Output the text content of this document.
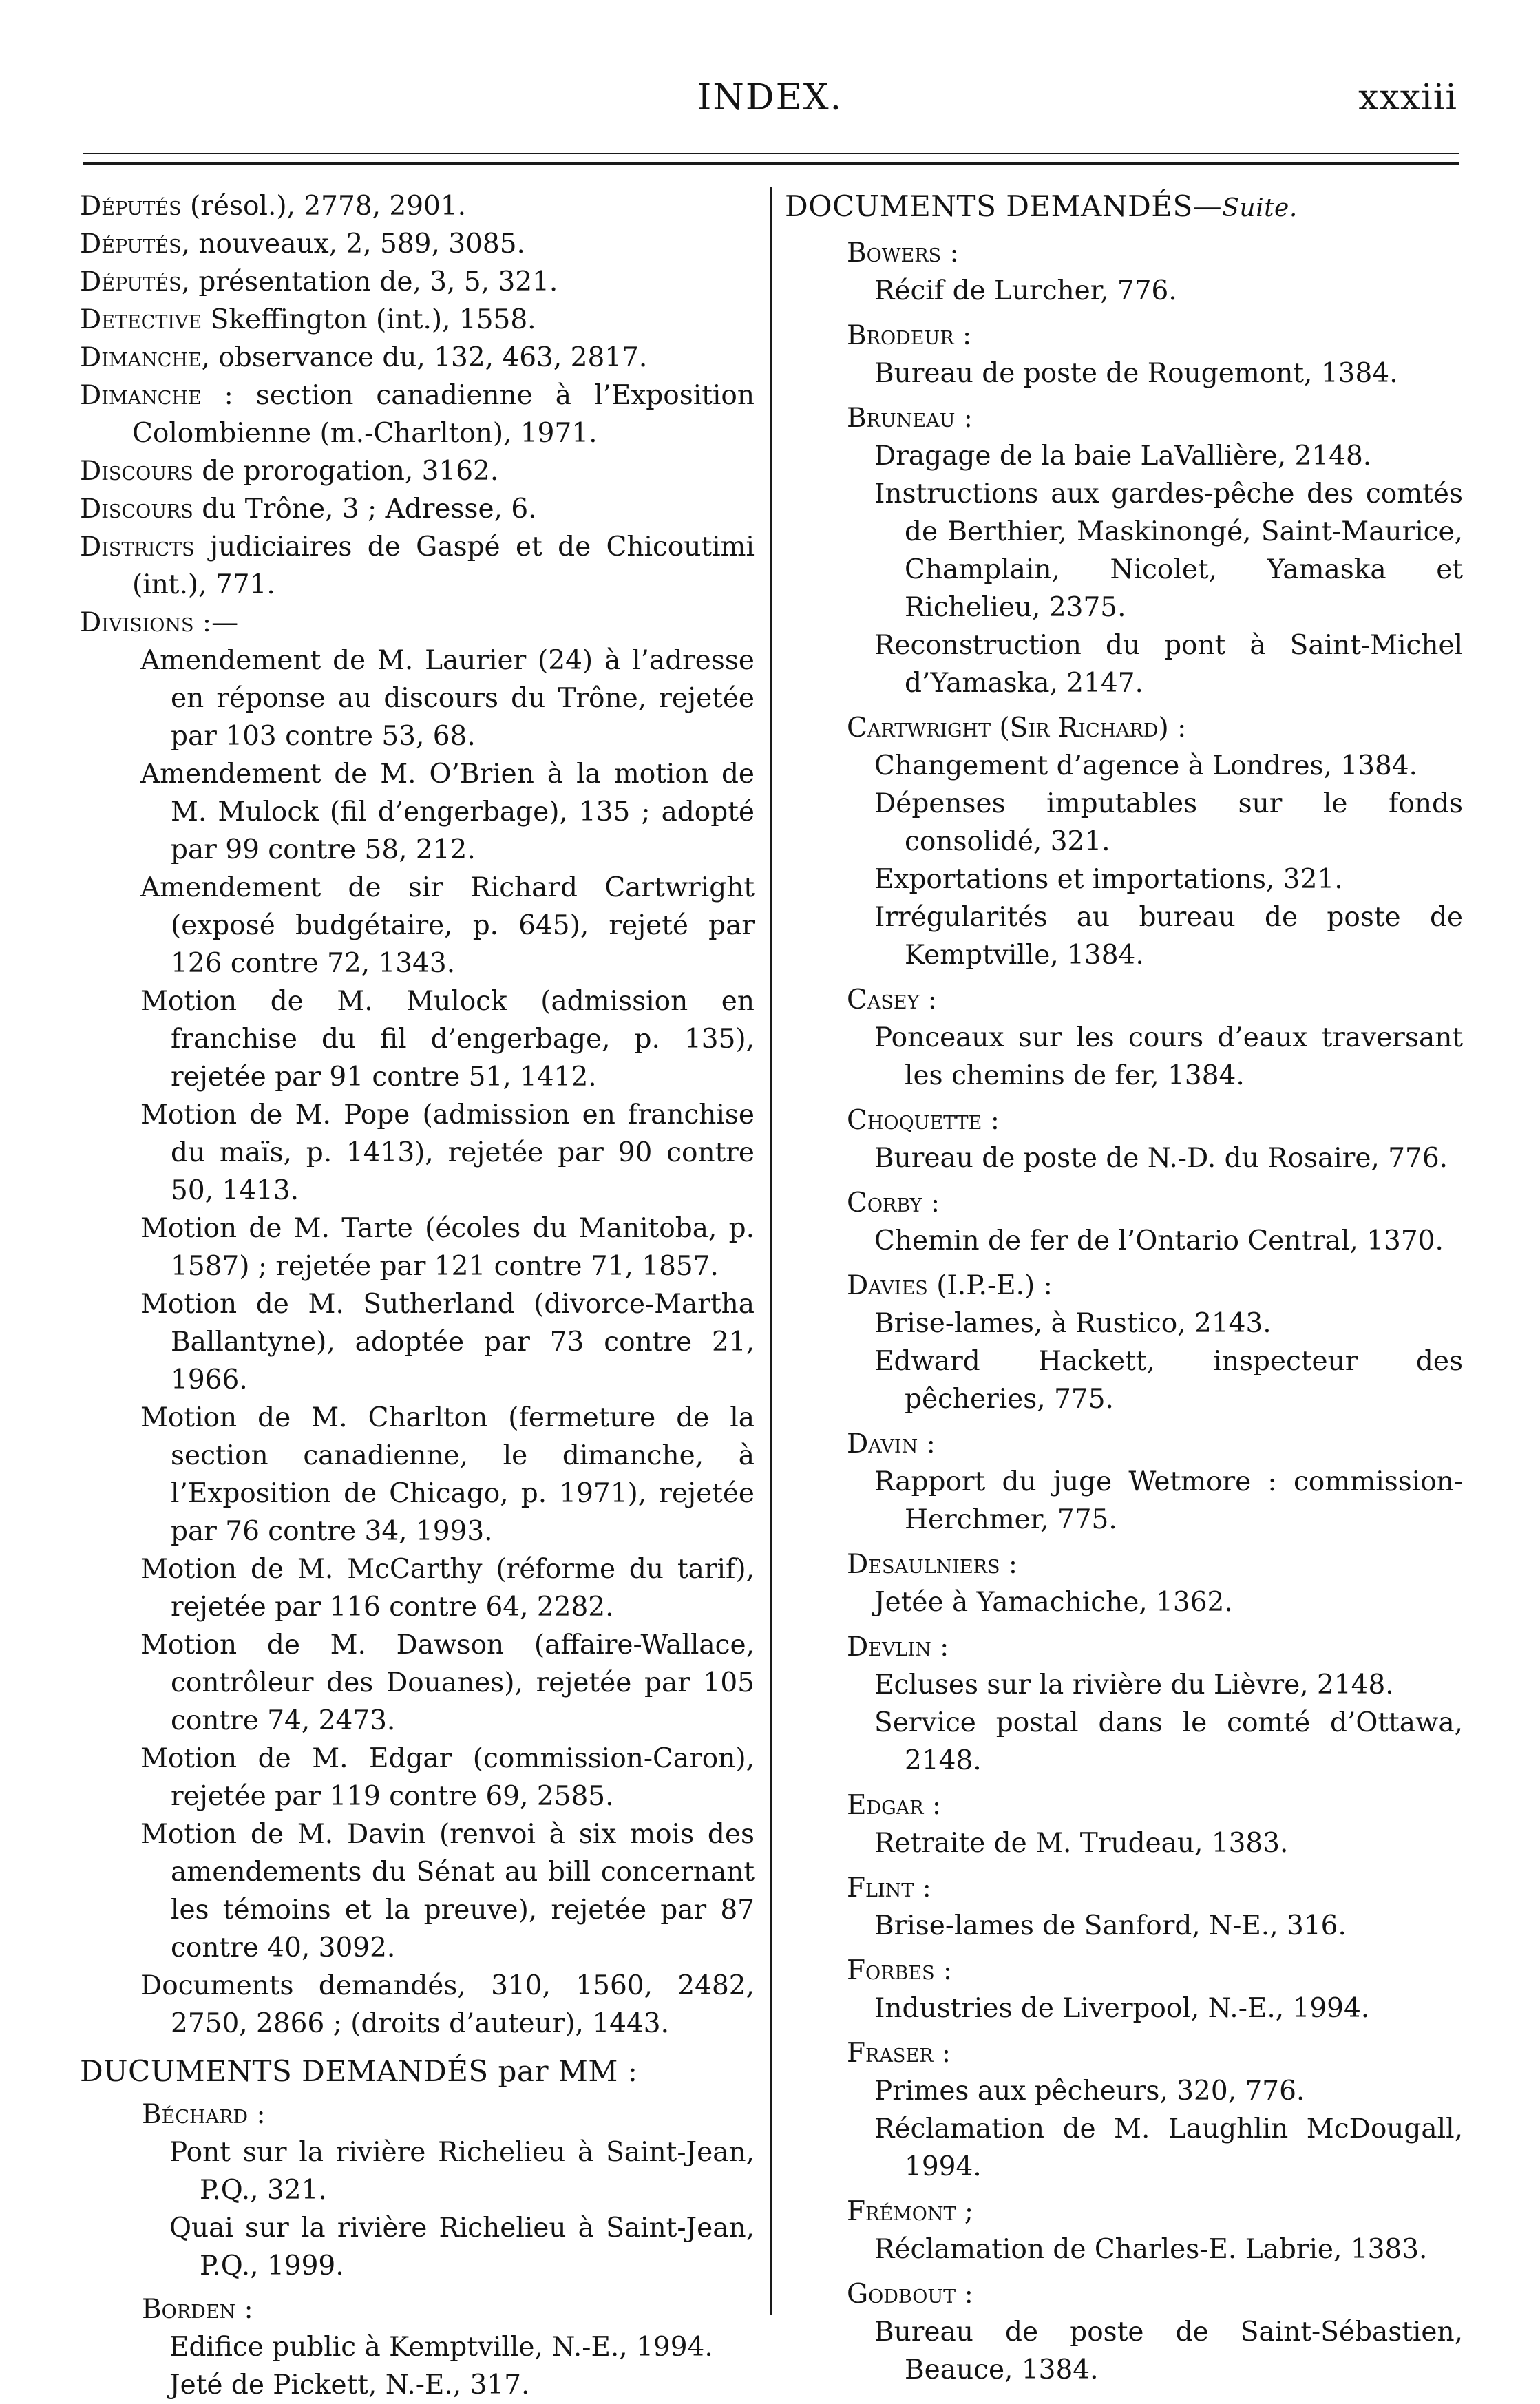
INDEX.	xxxiii
Députés (résol.), 2778, 2901.
Députés, nouveaux, 2, 589, 3085.
Députés, présentation de, 3, 5, 321.
Detective Skeffington (int.), 1558.
Dimanche, observance du, 132, 463, 2817.
Dimanche : section canadienne à l’Exposition Colombienne (m.-Charlton), 1971.
Discours de prorogation, 3162.
Discours du Trône, 3 ; Adresse, 6.
Districts judiciaires de Gaspé et de Chicoutimi (int.), 771.
Divisions :—
Amendement de M. Laurier (24) à l’adresse en réponse au discours du Trône, rejetée par 103 contre 53, 68.
Amendement de M. O’Brien à la motion de M. Mulock (fil d’engerbage), 135 ; adopté par 99 contre 58, 212.
Amendement de sir Richard Cartwright (exposé budgétaire, p. 645), rejeté par 126 contre 72, 1343.
Motion de M. Mulock (admission en franchise du fil d’engerbage, p. 135), rejetée par 91 contre 51, 1412.
Motion de M. Pope (admission en franchise du maïs, p. 1413), rejetée par 90 contre 50, 1413.
Motion de M. Tarte (écoles du Manitoba, p. 1587) ; rejetée par 121 contre 71, 1857.
Motion de M. Sutherland (divorce-Martha Ballantyne), adoptée par 73 contre 21, 1966.
Motion de M. Charlton (fermeture de la section canadienne, le dimanche, à l’Exposition de Chicago, p. 1971), rejetée par 76 contre 34, 1993.
Motion de M. McCarthy (réforme du tarif), rejetée par 116 contre 64, 2282.
Motion de M. Dawson (affaire-Wallace, contrôleur des Douanes), rejetée par 105 contre 74, 2473.
Motion de M. Edgar (commission-Caron), rejetée par 119 contre 69, 2585.
Motion de M. Davin (renvoi à six mois des amendements du Sénat au bill concernant les témoins et la preuve), rejetée par 87 contre 40, 3092.
Documents demandés, 310, 1560, 2482, 2750, 2866 ; (droits d’auteur), 1443.
DUCUMENTS DEMANDÉS par MM :
Béchard :
Pont sur la rivière Richelieu à Saint-Jean, P.Q., 321.
Quai sur la rivière Richelieu à Saint-Jean, P.Q., 1999.
Borden :
Edifice public à Kemptville, N.-E., 1994.
Jeté de Pickett, N.-E., 317.
DOCUMENTS DEMANDÉS—Suite.
Bowers :
Récif de Lurcher, 776.
Brodeur :
Bureau de poste de Rougemont, 1384.
Bruneau :
Dragage de la baie LaVallière, 2148.
Instructions aux gardes-pêche des comtés de Berthier, Maskinongé, Saint-Maurice, Champlain, Nicolet, Yamaska et Richelieu, 2375.
Reconstruction du pont à Saint-Michel d’Yamaska, 2147.
Cartwright (Sir Richard) :
Changement d’agence à Londres, 1384.
Dépenses imputables sur le fonds consolidé, 321.
Exportations et importations, 321.
Irrégularités au bureau de poste de Kemptville, 1384.
Casey :
Ponceaux sur les cours d’eaux traversant les chemins de fer, 1384.
Choquette :
Bureau de poste de N.-D. du Rosaire, 776.
Corby :
Chemin de fer de l’Ontario Central, 1370.
Davies (I.P.-E.) :
Brise-lames, à Rustico, 2143.
Edward Hackett, inspecteur des pêcheries, 775.
Davin :
Rapport du juge Wetmore : commission-Herchmer, 775.
Desaulniers :
Jetée à Yamachiche, 1362.
Devlin :
Ecluses sur la rivière du Lièvre, 2148.
Service postal dans le comté d’Ottawa, 2148.
Edgar :
Retraite de M. Trudeau, 1383.
Flint :
Brise-lames de Sanford, N-E., 316.
Forbes :
Industries de Liverpool, N.-E., 1994.
Fraser :
Primes aux pêcheurs, 320, 776.
Réclamation de M. Laughlin McDougall, 1994.
Frémont ;
Réclamation de Charles-E. Labrie, 1383.
Godbout :
Bureau de poste de Saint-Sébastien, Beauce, 1384.
